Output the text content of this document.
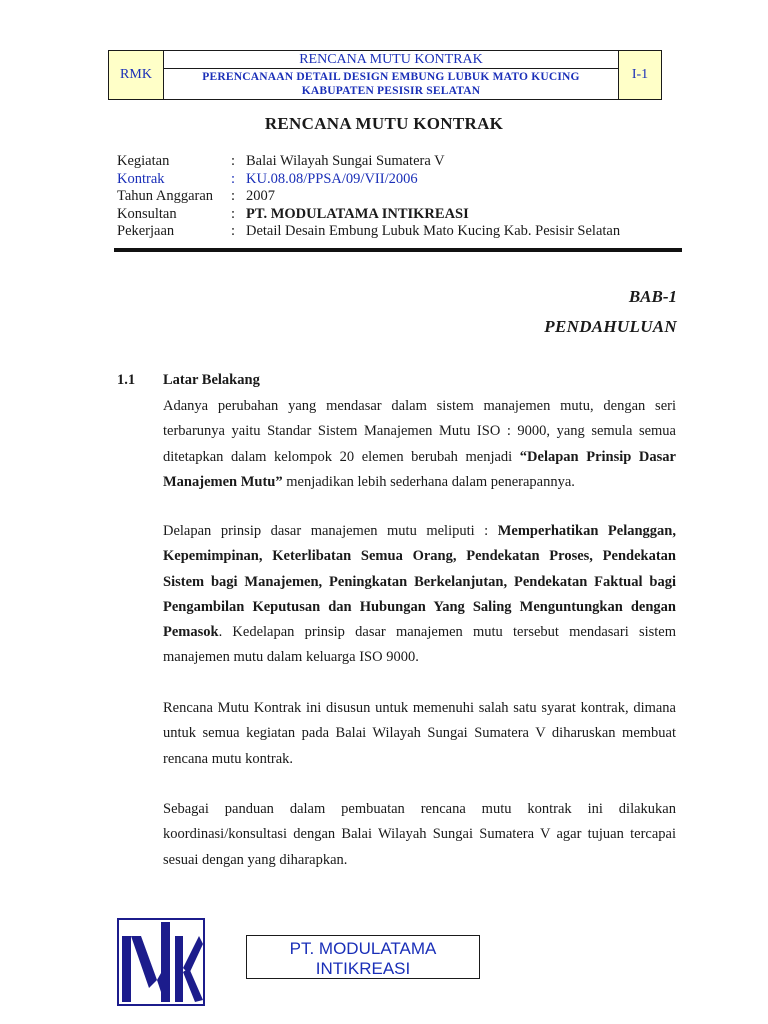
RMK
RENCANA MUTU KONTRAK
PERENCANAAN DETAIL DESIGN EMBUNG LUBUK MATO KUCING
KABUPATEN PESISIR SELATAN
I-1
RENCANA MUTU KONTRAK
Kegiatan	: Balai Wilayah Sungai Sumatera V
Kontrak	: KU.08.08/PPSA/09/VII/2006
Tahun Anggaran	: 2007
Konsultan	: PT. MODULATAMA INTIKREASI
Pekerjaan	: Detail Desain Embung Lubuk Mato Kucing Kab. Pesisir Selatan
BAB-1
PENDAHULUAN
1.1 Latar Belakang

Adanya perubahan yang mendasar dalam sistem manajemen mutu, dengan seri terbarunya yaitu Standar Sistem Manajemen Mutu ISO : 9000, yang semula semua ditetapkan dalam kelompok 20 elemen berubah menjadi “Delapan Prinsip Dasar Manajemen Mutu” menjadikan lebih sederhana dalam penerapannya.

Delapan prinsip dasar manajemen mutu meliputi : Memperhatikan Pelanggan, Kepemimpinan, Keterlibatan Semua Orang, Pendekatan Proses, Pendekatan Sistem bagi Manajemen, Peningkatan Berkelanjutan, Pendekatan Faktual bagi Pengambilan Keputusan dan Hubungan Yang Saling Menguntungkan dengan Pemasok. Kedelapan prinsip dasar manajemen mutu tersebut mendasari sistem manajemen mutu dalam keluarga ISO 9000.

Rencana Mutu Kontrak ini disusun untuk memenuhi salah satu syarat kontrak, dimana untuk semua kegiatan pada Balai Wilayah Sungai Sumatera V diharuskan membuat rencana mutu kontrak.

Sebagai panduan dalam pembuatan rencana mutu kontrak ini dilakukan koordinasi/konsultasi dengan Balai Wilayah Sungai Sumatera V agar tujuan tercapai sesuai dengan yang diharapkan.

PT. MODULATAMA
INTIKREASI
